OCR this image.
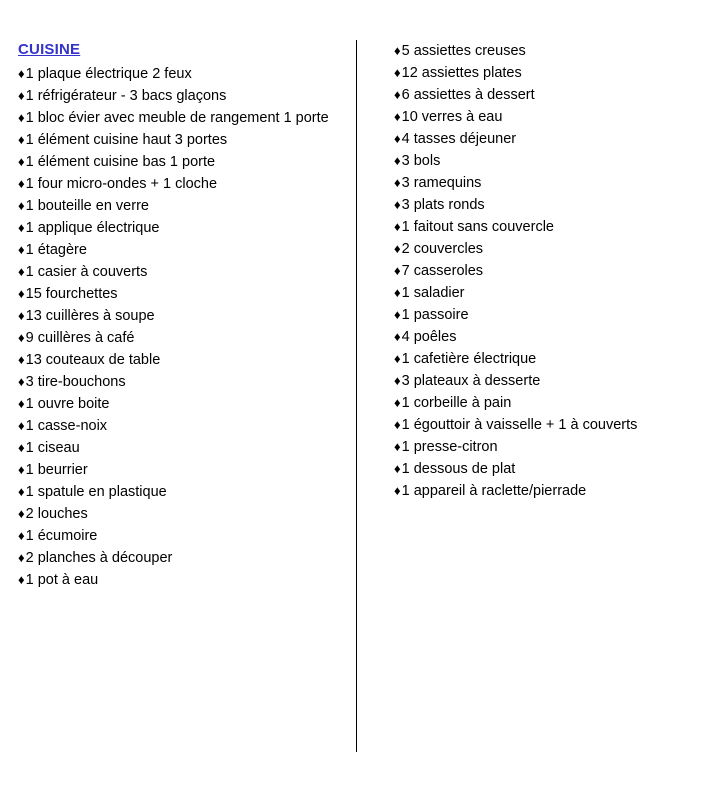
CUISINE
♦ 1 plaque électrique 2 feux
♦ 1 réfrigérateur - 3 bacs glaçons
♦ 1 bloc évier avec meuble de rangement 1 porte
♦ 1 élément cuisine haut 3 portes
♦ 1 élément cuisine bas 1 porte
♦ 1 four micro-ondes + 1 cloche
♦ 1 bouteille en verre
♦ 1 applique électrique
♦ 1 étagère
♦ 1 casier à couverts
♦ 15 fourchettes
♦ 13 cuillères à soupe
♦ 9 cuillères à café
♦ 13 couteaux de table
♦ 3 tire-bouchons
♦ 1 ouvre boite
♦ 1 casse-noix
♦ 1 ciseau
♦ 1 beurrier
♦ 1 spatule en plastique
♦ 2 louches
♦ 1 écumoire
♦ 2 planches à découper
♦ 1 pot à eau
♦ 5 assiettes creuses
♦ 12 assiettes plates
♦ 6 assiettes à dessert
♦ 10 verres à eau
♦ 4 tasses déjeuner
♦ 3 bols
♦ 3 ramequins
♦ 3 plats ronds
♦ 1 faitout sans couvercle
♦ 2 couvercles
♦ 7 casseroles
♦ 1 saladier
♦ 1 passoire
♦ 4 poêles
♦ 1 cafetière électrique
♦ 3 plateaux à desserte
♦ 1 corbeille à pain
♦ 1 égouttoir à vaisselle + 1 à couverts
♦ 1 presse-citron
♦ 1 dessous de plat
♦ 1 appareil à raclette/pierrade
